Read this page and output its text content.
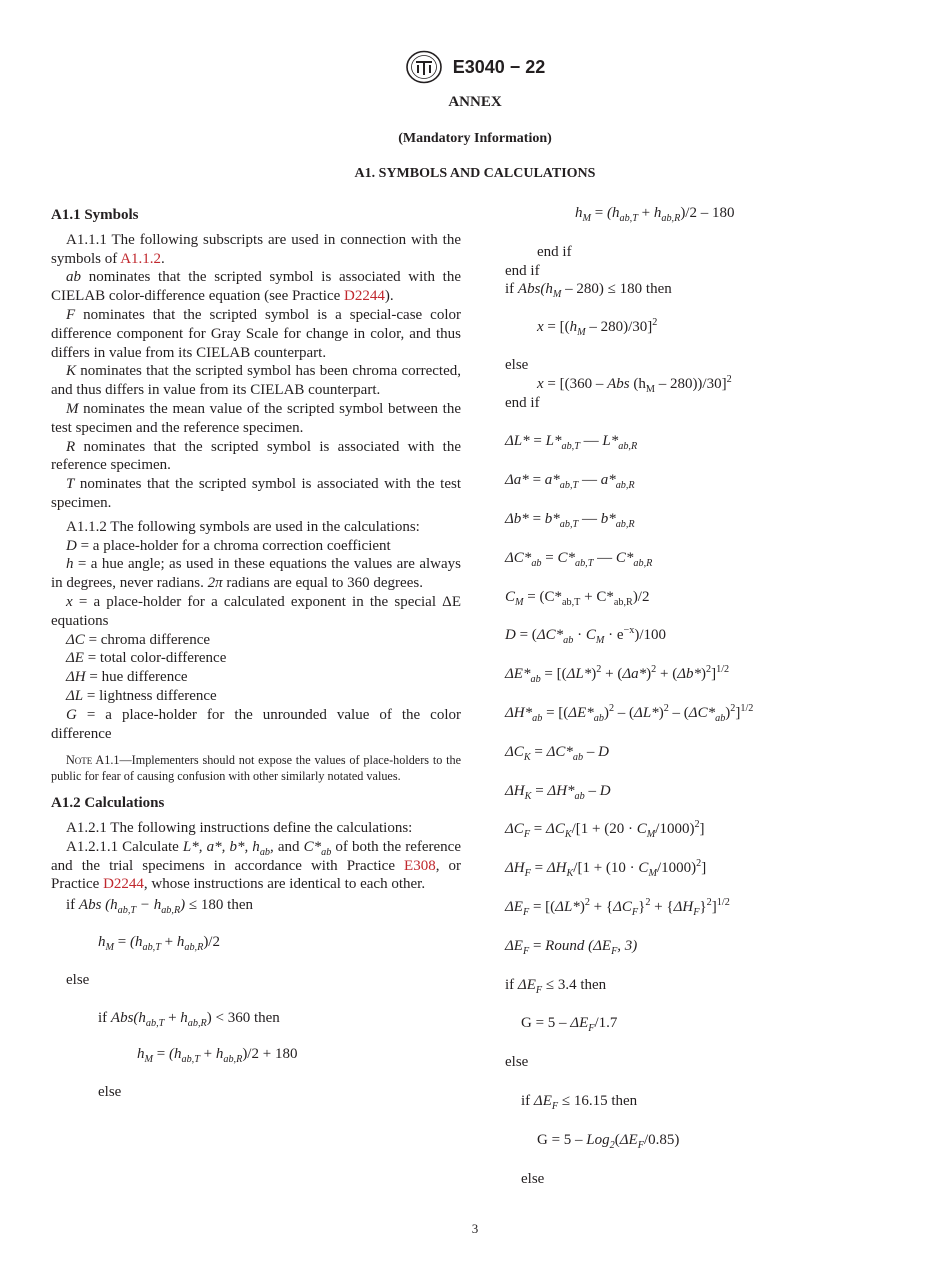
E3040 − 22
ANNEX
(Mandatory Information)
A1. SYMBOLS AND CALCULATIONS
A1.1 Symbols

A1.1.1 The following subscripts are used in connection with the symbols of A1.1.2.

ab nominates that the scripted symbol is associated with the CIELAB color-difference equation (see Practice D2244).

F nominates that the scripted symbol is a special-case color difference component for Gray Scale for change in color, and thus differs in value from its CIELAB counterpart.

K nominates that the scripted symbol has been chroma corrected, and thus differs in value from its CIELAB counterpart.

M nominates the mean value of the scripted symbol between the test specimen and the reference specimen.

R nominates that the scripted symbol is associated with the reference specimen.

T nominates that the scripted symbol is associated with the test specimen.

A1.1.2 The following symbols are used in the calculations:

D = a place-holder for a chroma correction coefficient

h = a hue angle; as used in these equations the values are always in degrees, never radians. 2π radians are equal to 360 degrees.

x = a place-holder for a calculated exponent in the special ΔE equations

ΔC = chroma difference

ΔE = total color-difference

ΔH = hue difference

ΔL = lightness difference

G = a place-holder for the unrounded value of the color difference

Note A1.1—Implementers should not expose the values of place-holders to the public for fear of causing confusion with other similarly notated values.

A1.2 Calculations

A1.2.1 The following instructions define the calculations:

A1.2.1.1 Calculate L*, a*, b*, $h_{ab}$, and $C*_{ab}$ of both the reference and the trial specimens in accordance with Practice E308, or Practice D2244, whose instructions are identical to each other.

if Abs $(h_{ab,T} - h_{ab,R}) \le 180$ then
$h_M = (h_{ab,T} + h_{ab,R})/2$
else
if $Abs(h_{ab,T} + h_{ab,R}) < 360$ then
$h_M = (h_{ab,T} + h_{ab,R})/2 + 180$
else
$h_M = (h_{ab,T} + h_{ab,R})/2 - 180$
end if
end if
if $Abs(h_M - 280) \le 180$ then
$x = [(h_M - 280)/30]^2$
else
x = [(360 – Abs $(h_M - 280))/30]^2$
end if
$\Delta L* = L*_{ab,T}$ — $L*_{ab,R}$
$\Delta a* = a*_{ab,T}$ — $a*_{ab,R}$
$\Delta b* = b*_{ab,T}$ — $b*_{ab,R}$
$\Delta C*_{ab} = C*_{ab,T}$ — $C*_{ab,R}$
$C_M = (C*_{ab,T} + C*_{ab,R})/2$
$D = (\Delta C*_{ab} \cdot C_M \cdot e^{-x})/100$
$\Delta E*_{ab} = [(\Delta L*)^2 + (\Delta a*)^2 + (\Delta b*)^2]^{1/2}$
$\Delta H*_{ab} = [(\Delta E*_{ab})^2 - (\Delta L*)^2 - (\Delta C*_{ab})^2]^{1/2}$
$\Delta C_K = \Delta C*_{ab} - D$
$\Delta H_K = \Delta H*_{ab} - D$
$\Delta C_F = \Delta C_K/[1 + (20 \cdot C_M/1000)^2]$
$\Delta H_F = \Delta H_K/[1 + (10 \cdot C_M/1000)^2]$
$\Delta E_F = [(\Delta L*)^2 + \{\Delta C_F\}^2 + \{\Delta H_F\}^2]^{1/2}$
$\Delta E_F$ = Round ($\Delta E_F$, 3)
if $\Delta E_F \le 3.4$ then
$G = 5 - \Delta E_F/1.7$
else
if $\Delta E_F \le 16.15$ then
$G = 5 - Log_2(\Delta E_F/0.85)$
else
3
